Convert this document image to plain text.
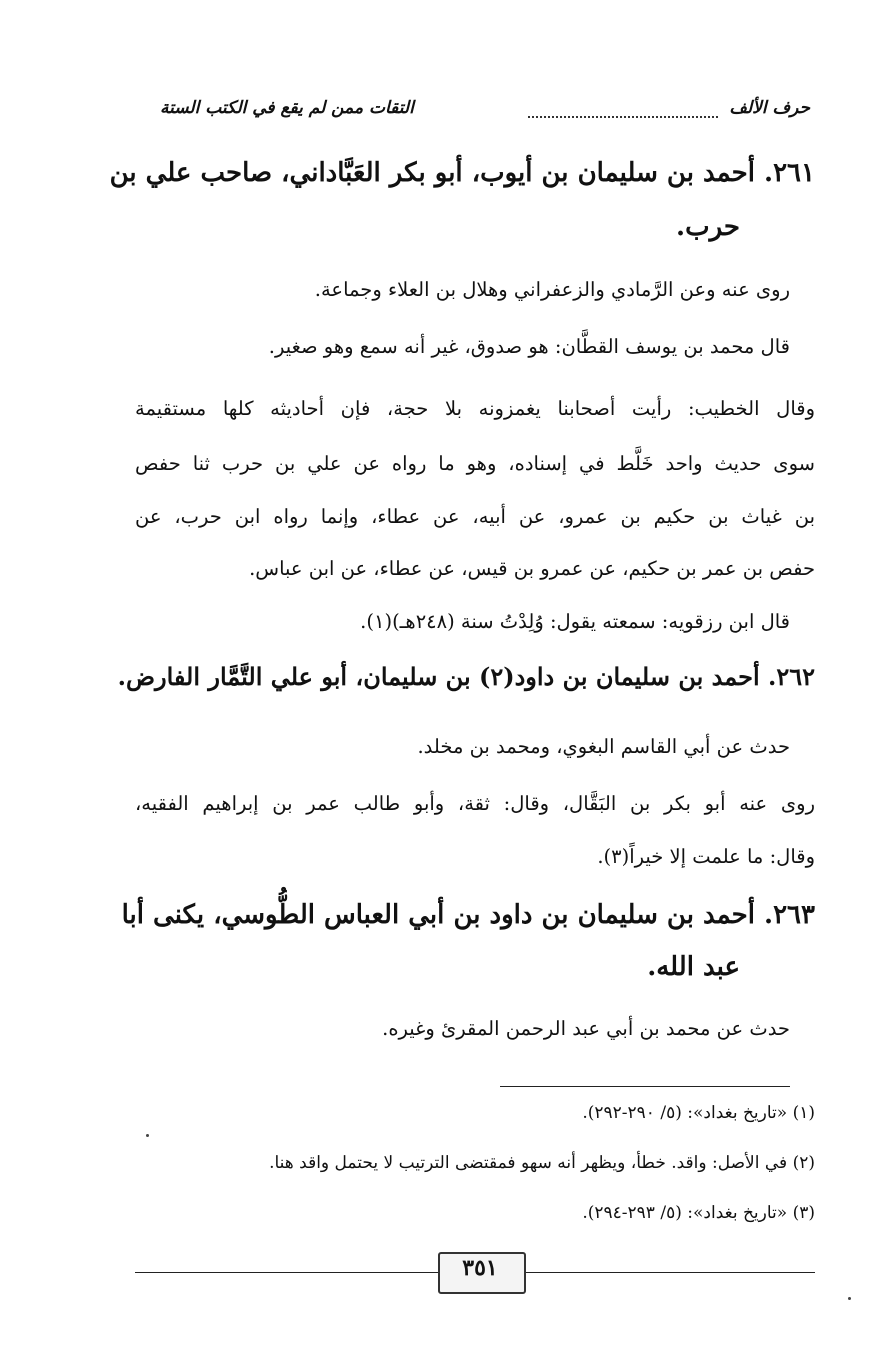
حرف الألف
التقات ممن لم يقع في الكتب الستة
٢٦١. أحمد بن سليمان بن أيوب، أبو بكر العَبَّاداني، صاحب علي بن
حرب.
روى عنه وعن الرَّمادي والزعفراني وهلال بن العلاء وجماعة.
قال محمد بن يوسف القطَّان: هو صدوق، غير أنه سمع وهو صغير.
وقال الخطيب: رأيت أصحابنا يغمزونه بلا حجة، فإن أحاديثه كلها مستقيمة
سوى حديث واحد خَلَّط في إسناده، وهو ما رواه عن علي بن حرب ثنا حفص
بن غياث بن حكيم بن عمرو، عن أبيه، عن عطاء، وإنما رواه ابن حرب، عن
حفص بن عمر بن حكيم، عن عمرو بن قيس، عن عطاء، عن ابن عباس.
قال ابن رزقويه: سمعته يقول: وُلِدْتُ سنة (٢٤٨هـ)(١).
٢٦٢. أحمد بن سليمان بن داود(٢) بن سليمان، أبو علي التَّمَّار الفارض.
حدث عن أبي القاسم البغوي، ومحمد بن مخلد.
روى عنه أبو بكر بن البَقَّال، وقال: ثقة، وأبو طالب عمر بن إبراهيم الفقيه،
وقال: ما علمت إلا خيراً(٣).
٢٦٣. أحمد بن سليمان بن داود بن أبي العباس الطُّوسي، يكنى أبا
عبد الله.
حدث عن محمد بن أبي عبد الرحمن المقرئ وغيره.
(١) «تاريخ بغداد»: (٥/ ٢٩٠-٢٩٢).
(٢) في الأصل: واقد. خطأ، ويظهر أنه سهو فمقتضى الترتيب لا يحتمل واقد هنا.
(٣) «تاريخ بغداد»: (٥/ ٢٩٣-٢٩٤).
٣٥١
